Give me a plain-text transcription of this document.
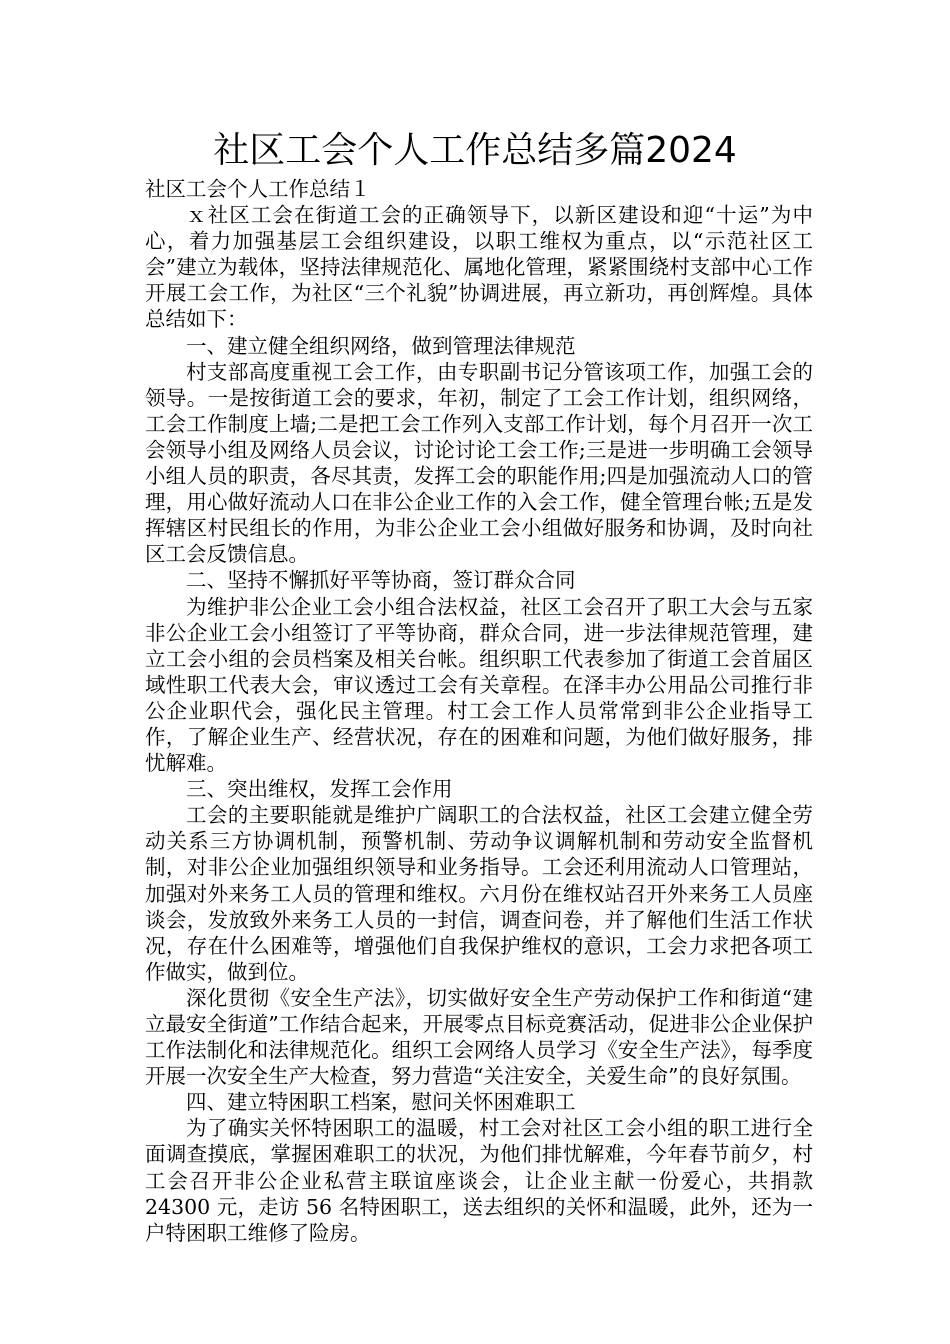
社区工会个人工作总结多篇2024

社区工会个人工作总结１

ｘ社区工会在街道工会的正确领导下，以新区建设和迎“十运”为中心，着力加强基层工会组织建设，以职工维权为重点，以“示范社区工会”建立为载体，坚持法律规范化、属地化管理，紧紧围绕村支部中心工作开展工会工作，为社区“三个礼貌”协调进展，再立新功，再创辉煌。具体总结如下：

一、建立健全组织网络，做到管理法律规范

村支部高度重视工会工作，由专职副书记分管该项工作，加强工会的领导。一是按街道工会的要求，年初，制定了工会工作计划，组织网络，工会工作制度上墙;二是把工会工作列入支部工作计划，每个月召开一次工会领导小组及网络人员会议，讨论讨论工会工作;三是进一步明确工会领导小组人员的职责，各尽其责，发挥工会的职能作用;四是加强流动人口的管理，用心做好流动人口在非公企业工作的入会工作，健全管理台帐;五是发挥辖区村民组长的作用，为非公企业工会小组做好服务和协调，及时向社区工会反馈信息。

二、坚持不懈抓好平等协商，签订群众合同

为维护非公企业工会小组合法权益，社区工会召开了职工大会与五家非公企业工会小组签订了平等协商，群众合同，进一步法律规范管理，建立工会小组的会员档案及相关台帐。组织职工代表参加了街道工会首届区域性职工代表大会，审议透过工会有关章程。在泽丰办公用品公司推行非公企业职代会，强化民主管理。村工会工作人员常常到非公企业指导工作，了解企业生产、经营状况，存在的困难和问题，为他们做好服务，排忧解难。

三、突出维权，发挥工会作用

工会的主要职能就是维护广阔职工的合法权益，社区工会建立健全劳动关系三方协调机制，预警机制、劳动争议调解机制和劳动安全监督机制，对非公企业加强组织领导和业务指导。工会还利用流动人口管理站，加强对外来务工人员的管理和维权。六月份在维权站召开外来务工人员座谈会，发放致外来务工人员的一封信，调查问卷，并了解他们生活工作状况，存在什么困难等，增强他们自我保护维权的意识，工会力求把各项工作做实，做到位。

深化贯彻《安全生产法》，切实做好安全生产劳动保护工作和街道“建立最安全街道”工作结合起来，开展零点目标竞赛活动，促进非公企业保护工作法制化和法律规范化。组织工会网络人员学习《安全生产法》，每季度开展一次安全生产大检查，努力营造“关注安全，关爱生命”的良好氛围。

四、建立特困职工档案，慰问关怀困难职工

为了确实关怀特困职工的温暖，村工会对社区工会小组的职工进行全面调查摸底，掌握困难职工的状况，为他们排忧解难，今年春节前夕，村工会召开非公企业私营主联谊座谈会，让企业主献一份爱心，共捐款 24300 元，走访 56 名特困职工，送去组织的关怀和温暖，此外，还为一户特困职工维修了险房。
